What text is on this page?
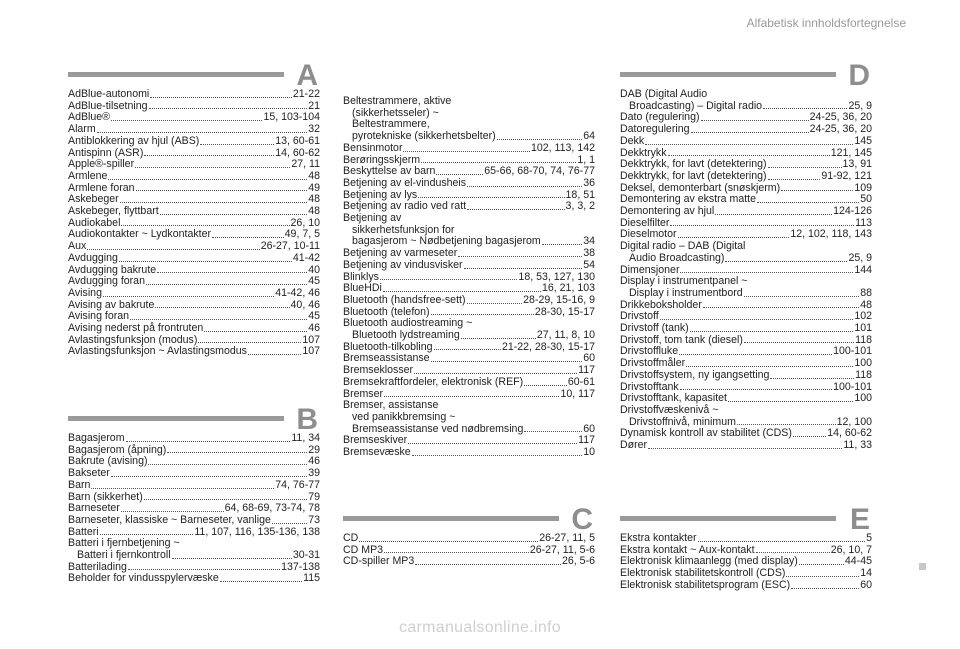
Alfabetisk innholdsfortegnelse
A
AdBlue-autonomi	21-22
AdBlue-tilsetning	21
AdBlue®	15, 103-104
Alarm	32
Antiblokkering av hjul (ABS)	13, 60-61
Antispinn (ASR)	14, 60-62
Apple®-spiller	27, 11
Armlene	48
Armlene foran	49
Askebeger	48
Askebeger, flyttbart	48
Audiokabel	26, 10
Audiokontakter ~ Lydkontakter	49, 7, 5
Aux	26-27, 10-11
Avdugging	41-42
Avdugging bakrute	40
Avdugging foran	45
Avising	41-42, 46
Avising av bakrute	40, 46
Avising foran	45
Avising nederst på frontruten	46
Avlastingsfunksjon (modus)	107
Avlastingsfunksjon ~ Avlastingsmodus	107
B
Bagasjerom	11, 34
Bagasjerom (åpning)	29
Bakrute (avising)	46
Bakseter	39
Barn	74, 76-77
Barn (sikkerhet)	79
Barneseter	64, 68-69, 73-74, 78
Barneseter, klassiske ~ Barneseter, vanlige	73
Batteri	11, 107, 116, 135-136, 138
Batteri i fjernbetjening ~
Batteri i fjernkontroll	30-31
Batterilading	137-138
Beholder for vindusspylervæske	115
Beltestrammere, aktive
(sikkerhetsseler) ~
Beltestrammere,
pyrotekniske (sikkerhetsbelter)	64
Bensinmotor	102, 113, 142
Berøringsskjerm	1, 1
Beskyttelse av barn	65-66, 68-70, 74, 76-77
Betjening av el-vindusheis	36
Betjening av lys	18, 51
Betjening av radio ved ratt	3, 3, 2
Betjening av
sikkerhetsfunksjon for
bagasjerom ~ Nødbetjening bagasjerom	34
Betjening av varmeseter	38
Betjening av vindusvisker	54
Blinklys	18, 53, 127, 130
BlueHDi	16, 21, 103
Bluetooth (handsfree-sett)	28-29, 15-16, 9
Bluetooth (telefon)	28-30, 15-17
Bluetooth audiostreaming ~
Bluetooth lydstreaming	27, 11, 8, 10
Bluetooth-tilkobling	21-22, 28-30, 15-17
Bremseassistanse	60
Bremseklosser	117
Bremsekraftfordeler, elektronisk (REF)	60-61
Bremser	10, 117
Bremser, assistanse
ved panikkbremsing ~
Bremseassistanse ved nødbremsing	60
Bremseskiver	117
Bremsevæske	10
C
CD	26-27, 11, 5
CD MP3	26-27, 11, 5-6
CD-spiller MP3	26, 5-6
D
DAB (Digital Audio
Broadcasting) – Digital radio	25, 9
Dato (regulering)	24-25, 36, 20
Datoregulering	24-25, 36, 20
Dekk	145
Dekktrykk	121, 145
Dekktrykk, for lavt (detektering)	13, 91
Dekktrykk, for lavt (detektering)	91-92, 121
Deksel, demonterbart (snøskjerm)	109
Demontering av ekstra matte	50
Demontering av hjul	124-126
Dieselfilter	113
Dieselmotor	12, 102, 118, 143
Digital radio – DAB (Digital
Audio Broadcasting)	25, 9
Dimensjoner	144
Display i instrumentpanel ~
Display i instrumentbord	88
Drikkeboksholder	48
Drivstoff	102
Drivstoff (tank)	101
Drivstoff, tom tank (diesel)	118
Drivstoffluke	100-101
Drivstoffmåler	100
Drivstoffsystem, ny igangsetting	118
Drivstofftank	100-101
Drivstofftank, kapasitet	100
Drivstoffvæskenivå ~
Drivstoffnivå, minimum	12, 100
Dynamisk kontroll av stabilitet (CDS)	14, 60-62
Dører	11, 33
E
Ekstra kontakter	5
Ekstra kontakt ~ Aux-kontakt	26, 10, 7
Elektronisk klimaanlegg (med display)	44-45
Elektronisk stabilitetskontroll (CDS)	14
Elektronisk stabilitetsprogram (ESC)	60
carmanualsonline.info
